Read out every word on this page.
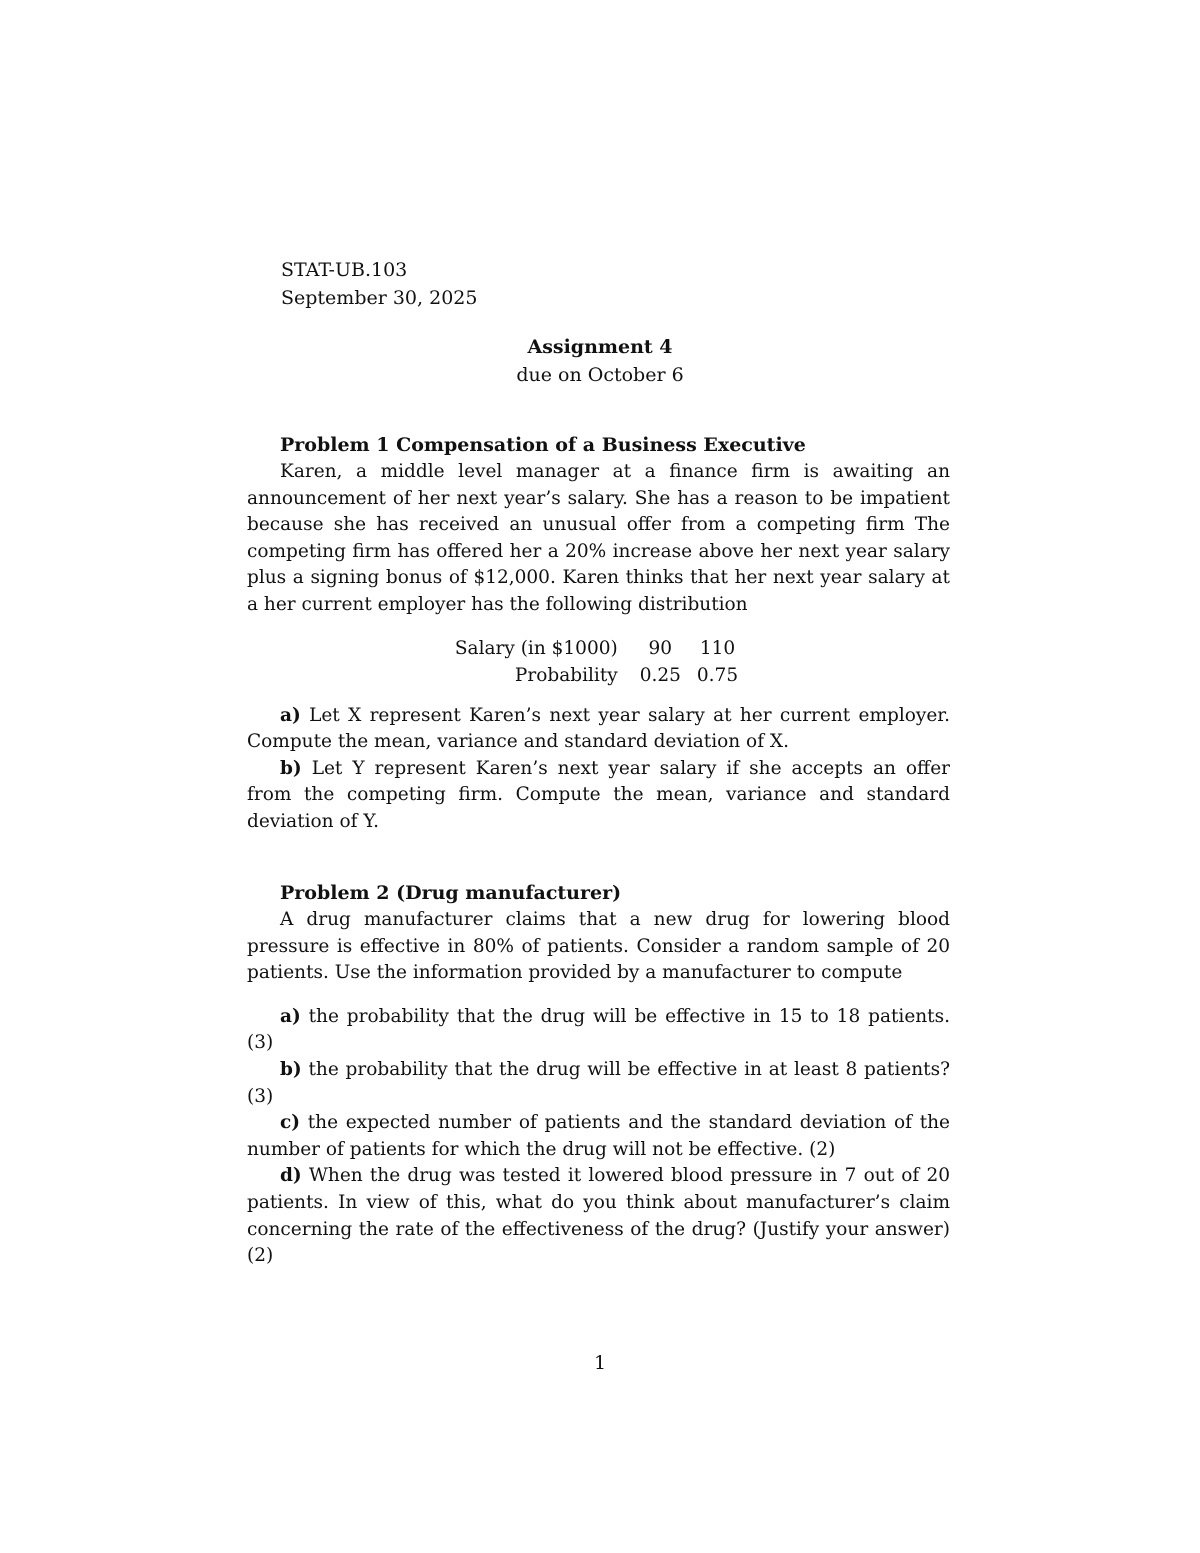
STAT-UB.103
September 30, 2025
Assignment 4
due on October 6

Problem 1 Compensation of a Business Executive

Karen, a middle level manager at a finance firm is awaiting an announcement of her next year’s salary. She has a reason to be impatient because she has received an unusual offer from a competing firm The competing firm has offered her a 20% increase above her next year salary plus a signing bonus of $12,000. Karen thinks that her next year salary at a her current employer has the following distribution

Salary (in $1000)	90	110
Probability	0.25	0.75

a) Let X represent Karen’s next year salary at her current employer. Compute the mean, variance and standard deviation of X.

b) Let Y represent Karen’s next year salary if she accepts an offer from the competing firm. Compute the mean, variance and standard deviation of Y.

Problem 2 (Drug manufacturer)

A drug manufacturer claims that a new drug for lowering blood pressure is effective in 80% of patients. Consider a random sample of 20 patients. Use the information provided by a manufacturer to compute

a) the probability that the drug will be effective in 15 to 18 patients.(3)

b) the probability that the drug will be effective in at least 8 patients? (3)

c) the expected number of patients and the standard deviation of the number of patients for which the drug will not be effective. (2)

d) When the drug was tested it lowered blood pressure in 7 out of 20 patients. In view of this, what do you think about manufacturer’s claim concerning the rate of the effectiveness of the drug? (Justify your answer) (2)

1
